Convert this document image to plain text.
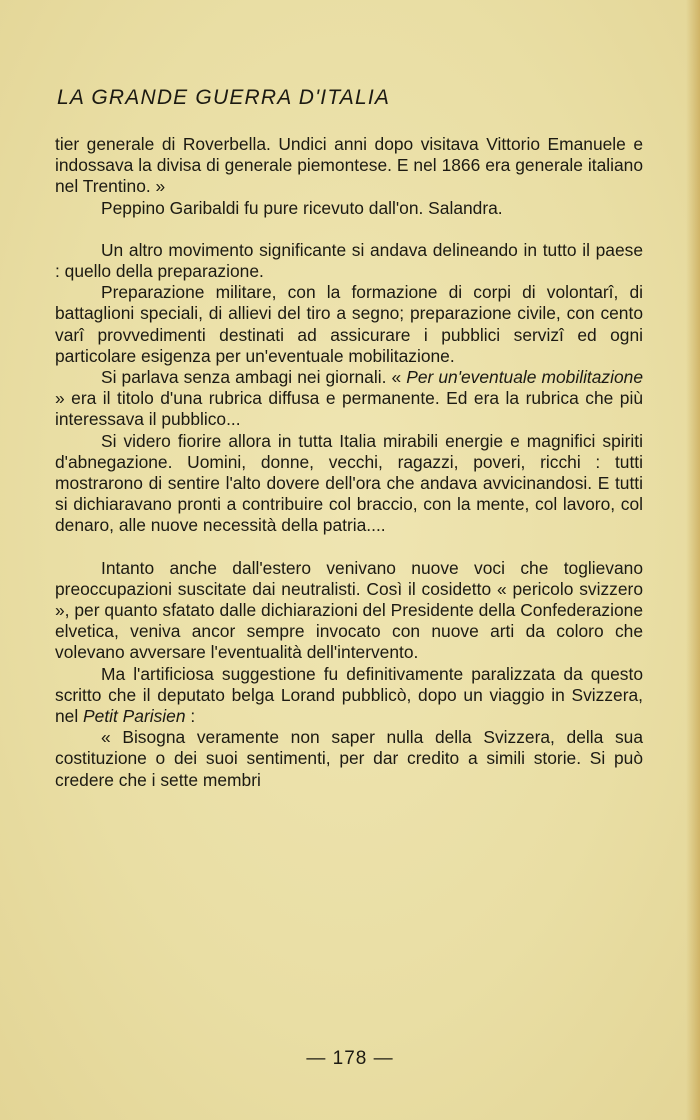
LA GRANDE GUERRA D'ITALIA

tier generale di Roverbella. Undici anni dopo visitava Vittorio Emanuele e indossava la divisa di generale piemontese. E nel 1866 era generale italiano nel Trentino. »

Peppino Garibaldi fu pure ricevuto dall'on. Salandra.

Un altro movimento significante si andava delineando in tutto il paese : quello della preparazione.

Preparazione militare, con la formazione di corpi di volontarî, di battaglioni speciali, di allievi del tiro a segno; preparazione civile, con cento varî provvedimenti destinati ad assicurare i pubblici servizî ed ogni particolare esigenza per un'eventuale mobilitazione.

Si parlava senza ambagi nei giornali. « Per un'eventuale mobilitazione » era il titolo d'una rubrica diffusa e permanente. Ed era la rubrica che più interessava il pubblico...

Si videro fiorire allora in tutta Italia mirabili energie e magnifici spiriti d'abnegazione. Uomini, donne, vecchi, ragazzi, poveri, ricchi : tutti mostrarono di sentire l'alto dovere dell'ora che andava avvicinandosi. E tutti si dichiaravano pronti a contribuire col braccio, con la mente, col lavoro, col denaro, alle nuove necessità della patria....

Intanto anche dall'estero venivano nuove voci che toglievano preoccupazioni suscitate dai neutralisti. Così il cosidetto « pericolo svizzero », per quanto sfatato dalle dichiarazioni del Presidente della Confederazione elvetica, veniva ancor sempre invocato con nuove arti da coloro che volevano avversare l'eventualità dell'intervento.

Ma l'artificiosa suggestione fu definitivamente paralizzata da questo scritto che il deputato belga Lorand pubblicò, dopo un viaggio in Svizzera, nel Petit Parisien :

« Bisogna veramente non saper nulla della Svizzera, della sua costituzione o dei suoi sentimenti, per dar credito a simili storie. Si può credere che i sette membri

— 178 —
